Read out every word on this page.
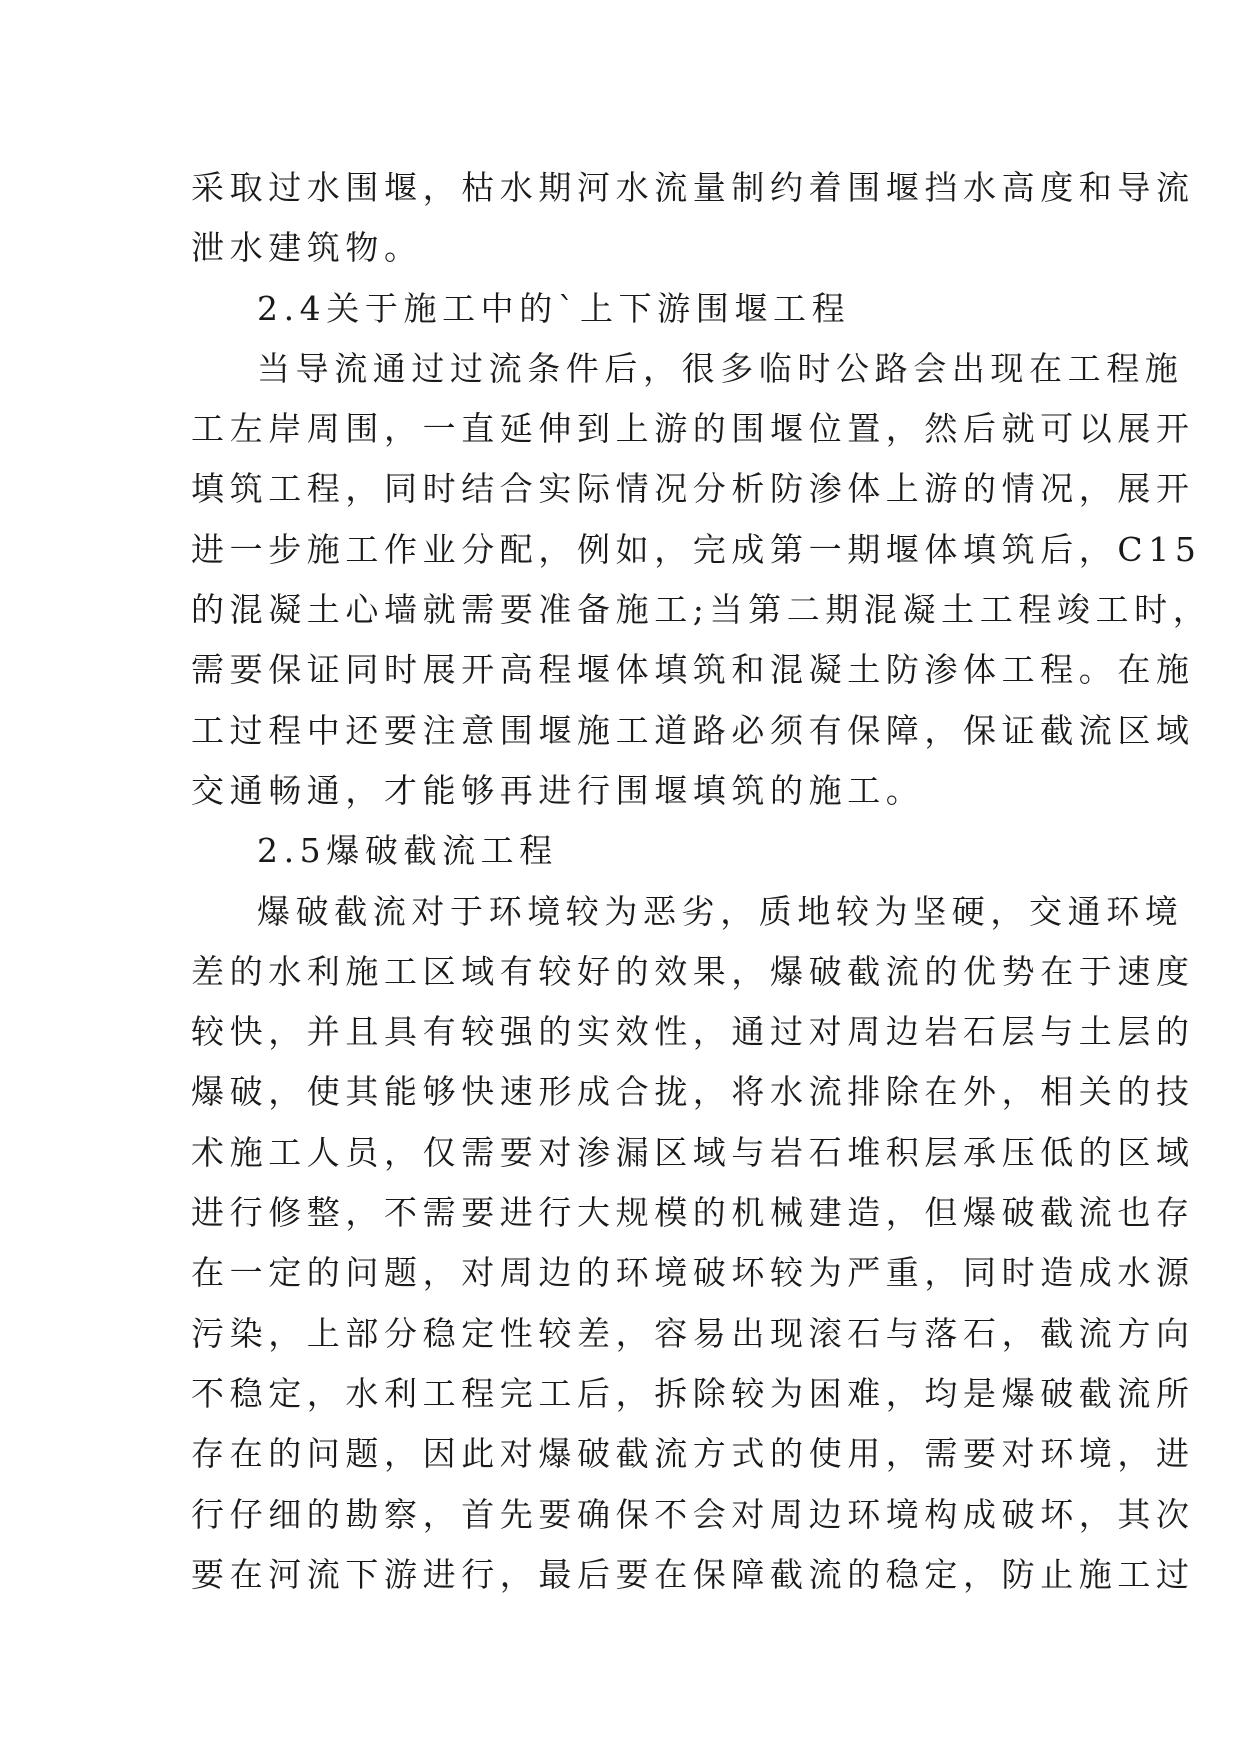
采取过水围堰，枯水期河水流量制约着围堰挡水高度和导流
泄水建筑物。
2.4关于施工中的`上下游围堰工程
当导流通过过流条件后，很多临时公路会出现在工程施
工左岸周围，一直延伸到上游的围堰位置，然后就可以展开
填筑工程，同时结合实际情况分析防渗体上游的情况，展开
进一步施工作业分配，例如，完成第一期堰体填筑后，C15
的混凝土心墙就需要准备施工;当第二期混凝土工程竣工时，
需要保证同时展开高程堰体填筑和混凝土防渗体工程。在施
工过程中还要注意围堰施工道路必须有保障，保证截流区域
交通畅通，才能够再进行围堰填筑的施工。
2.5爆破截流工程
爆破截流对于环境较为恶劣，质地较为坚硬，交通环境
差的水利施工区域有较好的效果，爆破截流的优势在于速度
较快，并且具有较强的实效性，通过对周边岩石层与土层的
爆破，使其能够快速形成合拢，将水流排除在外，相关的技
术施工人员，仅需要对渗漏区域与岩石堆积层承压低的区域
进行修整，不需要进行大规模的机械建造，但爆破截流也存
在一定的问题，对周边的环境破坏较为严重，同时造成水源
污染，上部分稳定性较差，容易出现滚石与落石，截流方向
不稳定，水利工程完工后，拆除较为困难，均是爆破截流所
存在的问题，因此对爆破截流方式的使用，需要对环境，进
行仔细的勘察，首先要确保不会对周边环境构成破坏，其次
要在河流下游进行，最后要在保障截流的稳定，防止施工过
